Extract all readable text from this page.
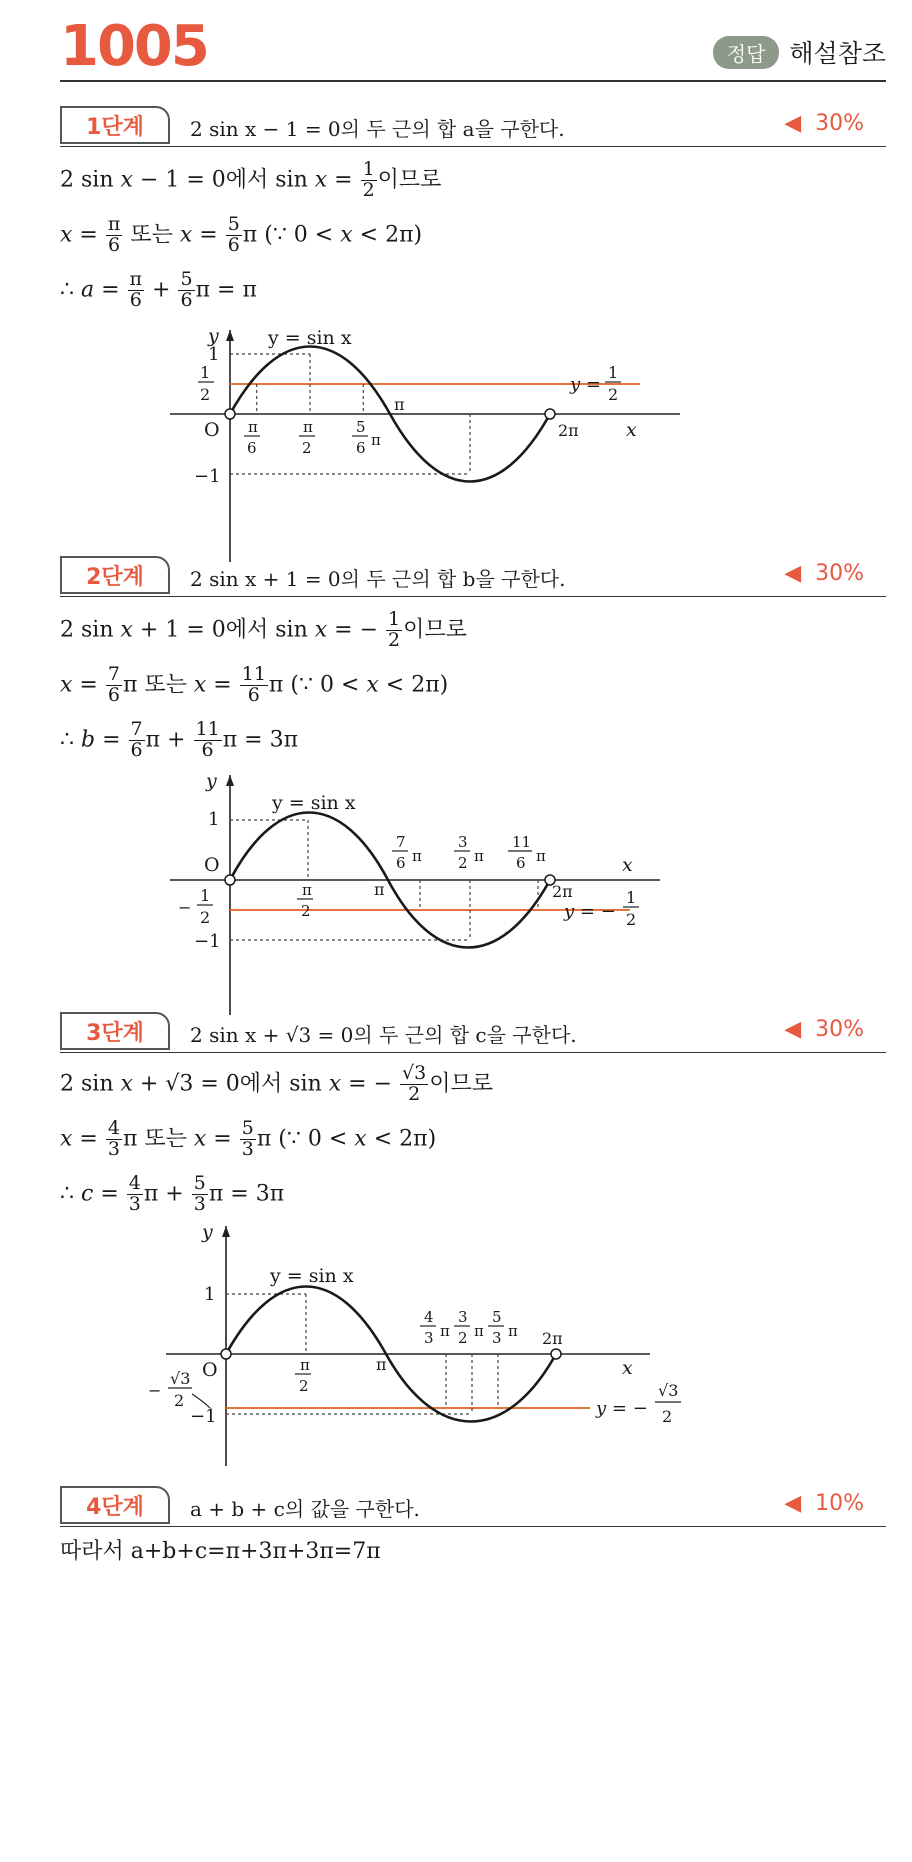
1005	정답 해설참조
1단계	2 sin x − 1 = 0의 두 근의 합 a을 구한다.	◀  30%
2 sin x − 1 = 0에서 $\sin x = \frac{1}{2}$ 이므로
$x = \frac{\pi}{6}$ 또는 $x = \frac{5}{6}$ π (∵ 0 < x < 2π)
∴ $a = \frac{\pi}{6} + \frac{5}{6}$ π = π
y
x
y = sin x
1
1
2
O
−1
π
6
π
2
5
6 π
π
2π
y =
1
2
2단계	2 sin x + 1 = 0의 두 근의 합 b을 구한다.	◀  30%
2 sin x + 1 = 0에서 sin x = − $\frac{1}{2}$ 이므로
$x = \frac{7}{6}$ π 또는 $x = \frac{11}{6}$ π (∵ 0 < x < 2π)
∴ $b = \frac{7}{6}$ $\pi + \frac{11}{6}$ π = 3π
y
x
y = sin x
1
O
−
1
2
−1
π
2
π
7
6 π
3
2 π
11
6 π
2π
y = −
1
2
3단계	2 sin x + √3 = 0의 두 근의 합 c을 구한다.	◀  30%
2 sin x + √3 = 0에서 sin x = − $\frac{√3}{2}$ 이므로
$x = \frac{4}{3}$ π 또는 $x = \frac{5}{3}$ π (∵ 0 < x < 2π)
∴ $c = \frac{4}{3}$ $\pi + \frac{5}{3}$ π = 3π
y
x
y = sin x
1
O
−
√3
2
−1
π
2
π
4
3 π
3
2 π
5
3 π 2π
y = −
√3
2
4단계	a + b + c의 값을 구한다.	◀  10%
따라서 a+b+c=π+3π+3π=7π
